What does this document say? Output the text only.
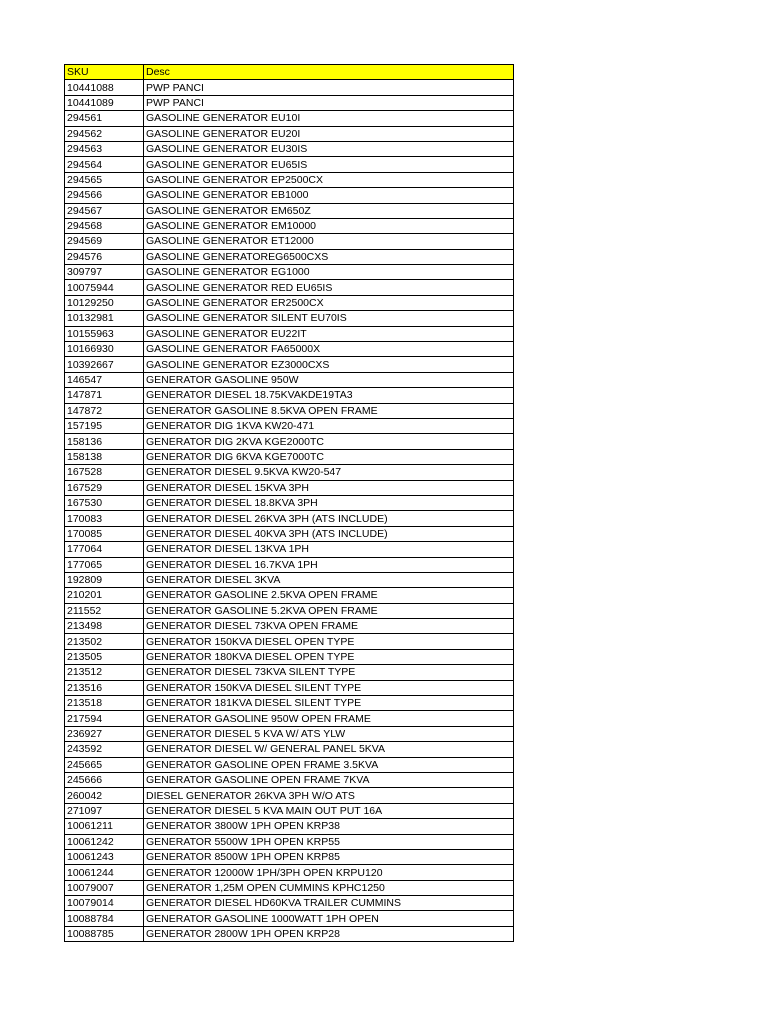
SKU	Desc
10441088	PWP PANCI
10441089	PWP PANCI
294561	GASOLINE GENERATOR EU10I
294562	GASOLINE GENERATOR EU20I
294563	GASOLINE GENERATOR EU30IS
294564	GASOLINE GENERATOR EU65IS
294565	GASOLINE GENERATOR EP2500CX
294566	GASOLINE GENERATOR EB1000
294567	GASOLINE GENERATOR EM650Z
294568	GASOLINE GENERATOR EM10000
294569	GASOLINE GENERATOR ET12000
294576	GASOLINE GENERATOREG6500CXS
309797	GASOLINE GENERATOR EG1000
10075944	GASOLINE GENERATOR RED EU65IS
10129250	GASOLINE GENERATOR ER2500CX
10132981	GASOLINE GENERATOR SILENT EU70IS
10155963	GASOLINE GENERATOR EU22IT
10166930	GASOLINE GENERATOR FA65000X
10392667	GASOLINE GENERATOR EZ3000CXS
146547	GENERATOR GASOLINE 950W
147871	GENERATOR DIESEL 18.75KVAKDE19TA3
147872	GENERATOR GASOLINE 8.5KVA OPEN FRAME
157195	GENERATOR DIG 1KVA KW20-471
158136	GENERATOR DIG 2KVA KGE2000TC
158138	GENERATOR DIG 6KVA KGE7000TC
167528	GENERATOR DIESEL 9.5KVA KW20-547
167529	GENERATOR DIESEL 15KVA 3PH
167530	GENERATOR DIESEL 18.8KVA 3PH
170083	GENERATOR DIESEL 26KVA 3PH (ATS INCLUDE)
170085	GENERATOR DIESEL 40KVA 3PH (ATS INCLUDE)
177064	GENERATOR DIESEL 13KVA 1PH
177065	GENERATOR DIESEL 16.7KVA 1PH
192809	GENERATOR DIESEL 3KVA
210201	GENERATOR GASOLINE 2.5KVA OPEN FRAME
211552	GENERATOR GASOLINE 5.2KVA OPEN FRAME
213498	GENERATOR DIESEL 73KVA OPEN FRAME
213502	GENERATOR 150KVA DIESEL OPEN TYPE
213505	GENERATOR 180KVA DIESEL OPEN TYPE
213512	GENERATOR DIESEL 73KVA SILENT TYPE
213516	GENERATOR 150KVA DIESEL SILENT TYPE
213518	GENERATOR 181KVA DIESEL SILENT TYPE
217594	GENERATOR GASOLINE 950W OPEN FRAME
236927	GENERATOR DIESEL 5 KVA W/ ATS YLW
243592	GENERATOR DIESEL W/ GENERAL PANEL 5KVA
245665	GENERATOR GASOLINE OPEN FRAME 3.5KVA
245666	GENERATOR GASOLINE OPEN FRAME 7KVA
260042	DIESEL GENERATOR 26KVA 3PH W/O ATS
271097	GENERATOR DIESEL 5 KVA MAIN OUT PUT 16A
10061211	GENERATOR 3800W 1PH OPEN KRP38
10061242	GENERATOR 5500W 1PH OPEN KRP55
10061243	GENERATOR 8500W 1PH OPEN KRP85
10061244	GENERATOR 12000W 1PH/3PH OPEN KRPU120
10079007	GENERATOR 1,25M OPEN CUMMINS KPHC1250
10079014	GENERATOR DIESEL HD60KVA TRAILER CUMMINS
10088784	GENERATOR GASOLINE 1000WATT 1PH OPEN
10088785	GENERATOR 2800W 1PH OPEN KRP28
